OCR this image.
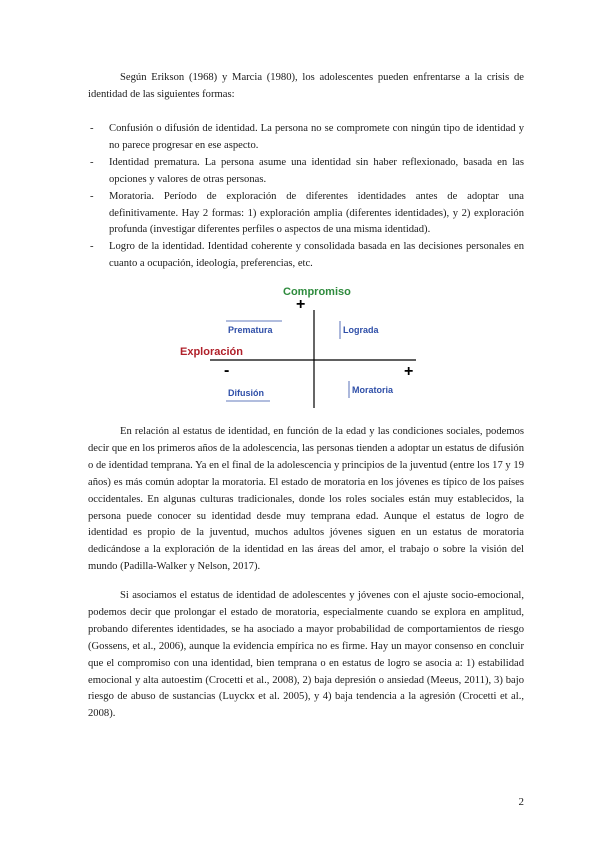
Según Erikson (1968) y Marcia (1980), los adolescentes pueden enfrentarse a la crisis de identidad de las siguientes formas:

- Confusión o difusión de identidad. La persona no se compromete con ningún tipo de identidad y no parece progresar en ese aspecto.
- Identidad prematura. La persona asume una identidad sin haber reflexionado, basada en las opciones y valores de otras personas.
- Moratoria. Período de exploración de diferentes identidades antes de adoptar una definitivamente. Hay 2 formas: 1) exploración amplia (diferentes identidades), y 2) exploración profunda (investigar diferentes perfiles o aspectos de una misma identidad).
- Logro de la identidad. Identidad coherente y consolidada basada en las decisiones personales en cuanto a ocupación, ideología, preferencias, etc.
Compromiso
+
Exploración
-	+
Prematura	Lograda
Difusión	Moratoria

En relación al estatus de identidad, en función de la edad y las condiciones sociales, podemos decir que en los primeros años de la adolescencia, las personas tienden a adoptar un estatus de difusión o de identidad temprana. Ya en el final de la adolescencia y principios de la juventud (entre los 17 y 19 años) es más común adoptar la moratoria. El estado de moratoria en los jóvenes es típico de los países occidentales. En algunas culturas tradicionales, donde los roles sociales están muy establecidos, la persona puede conocer su identidad desde muy temprana edad. Aunque el estatus de logro de identidad es propio de la juventud, muchos adultos jóvenes siguen en un estatus de moratoria dedicándose a la exploración de la identidad en las áreas del amor, el trabajo o sobre la visión del mundo (Padilla-Walker y Nelson, 2017).

Si asociamos el estatus de identidad de adolescentes y jóvenes con el ajuste socio-emocional, podemos decir que prolongar el estado de moratoria, especialmente cuando se explora en amplitud, probando diferentes identidades, se ha asociado a mayor probabilidad de comportamientos de riesgo (Gossens, et al., 2006), aunque la evidencia empírica no es firme. Hay un mayor consenso en concluir que el compromiso con una identidad, bien temprana o en estatus de logro se asocia a: 1) estabilidad emocional y alta autoestim (Crocetti et al., 2008), 2) baja depresión o ansiedad (Meeus, 2011), 3) bajo riesgo de abuso de sustancias (Luyckx et al. 2005), y 4) baja tendencia a la agresión (Crocetti et al., 2008).

2
